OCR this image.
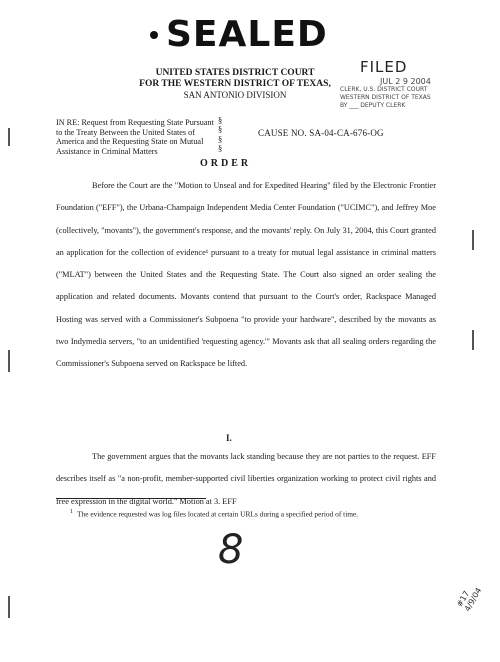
SEALED
FILED
JUL 2 9 2004
CLERK, U.S. DISTRICT COURT
WESTERN DISTRICT OF TEXAS
BY ___ DEPUTY CLERK
UNITED STATES DISTRICT COURT
FOR THE WESTERN DISTRICT OF TEXAS,
SAN ANTONIO DIVISION
IN RE: Request from Requesting State Pursuant to the Treaty Between the United States of America and the Requesting State on Mutual Assistance in Criminal Matters
§
§
§
§
CAUSE NO. SA-04-CA-676-OG
ORDER
Before the Court are the "Motion to Unseal and for Expedited Hearing" filed by the Electronic Frontier Foundation ("EFF"), the Urbana-Champaign Independent Media Center Foundation ("UCIMC"), and Jeffrey Moe (collectively, "movants"), the government's response, and the movants' reply. On July 31, 2004, this Court granted an application for the collection of evidence¹ pursuant to a treaty for mutual legal assistance in criminal matters ("MLAT") between the United States and the Requesting State. The Court also signed an order sealing the application and related documents. Movants contend that pursuant to the Court's order, Rackspace Managed Hosting was served with a Commissioner's Subpoena "to provide your hardware", described by the movants as two Indymedia servers, "to an unidentified 'requesting agency.'" Movants ask that all sealing orders regarding the Commissioner's Subpoena served on Rackspace be lifted.
I.
The government argues that the movants lack standing because they are not parties to the request. EFF describes itself as "a non-profit, member-supported civil liberties organization working to protect civil rights and free expression in the digital world." Motion at 3. EFF
$^1$ The evidence requested was log files located at certain URLs during a specified period of time.
8
#17 4/9/04
